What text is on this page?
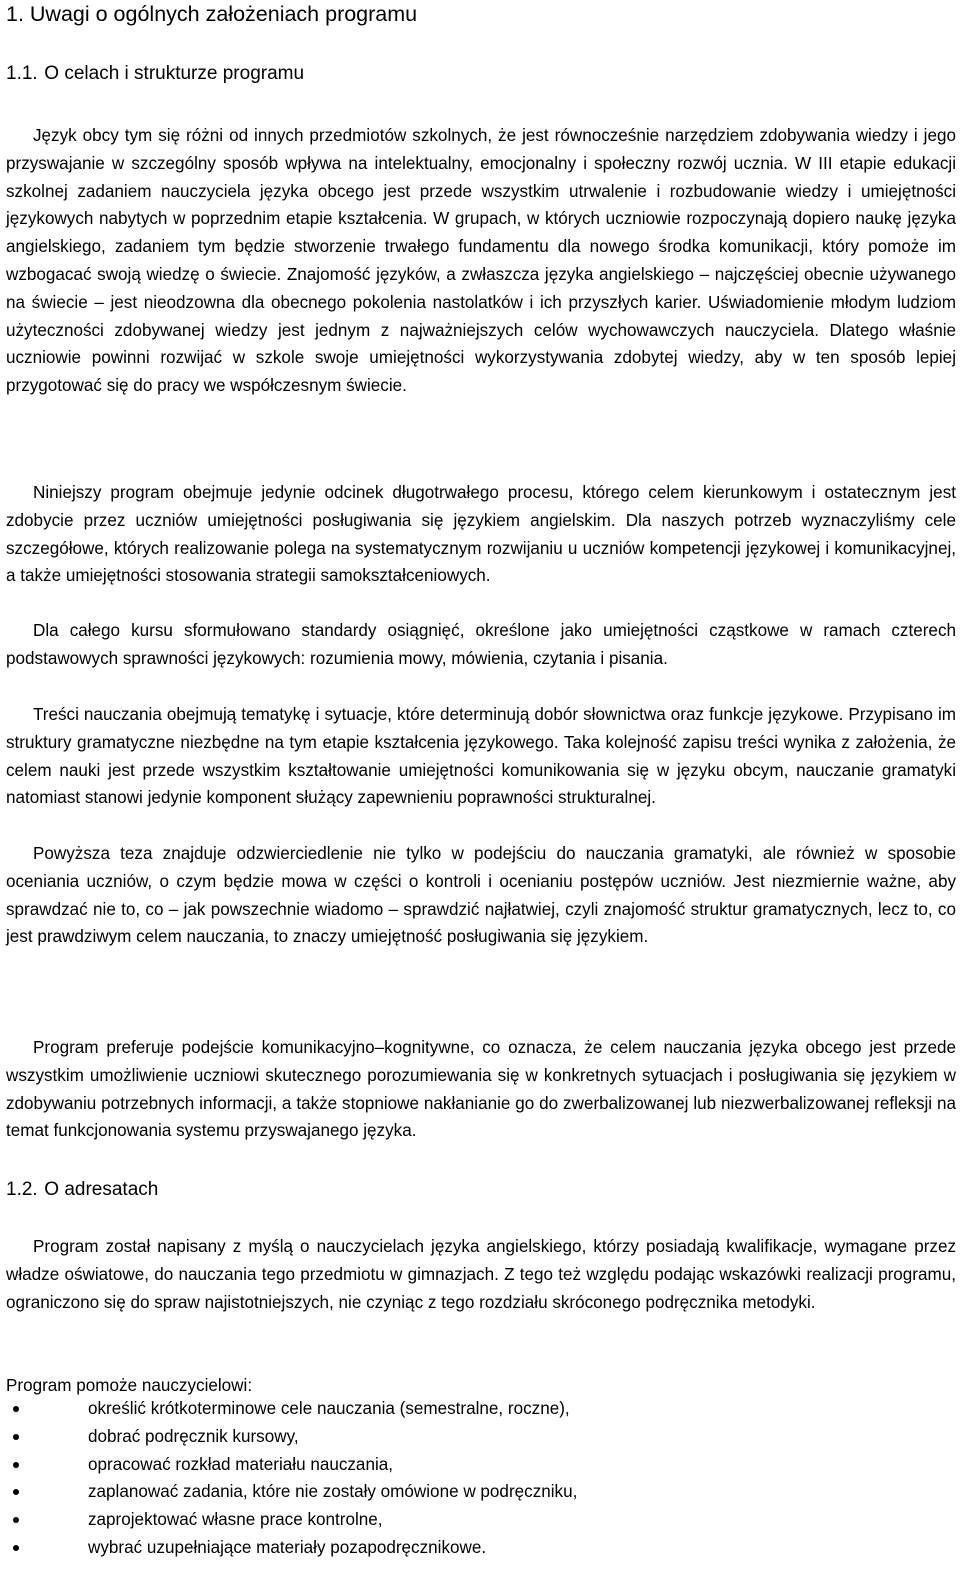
1. Uwagi o ogólnych założeniach programu
1.1. O celach i strukturze programu

Język obcy tym się różni od innych przedmiotów szkolnych, że jest równocześnie narzędziem zdobywania wiedzy i jego przyswajanie w szczególny sposób wpływa na intelektualny, emocjonalny i społeczny rozwój ucznia. W III etapie edukacji szkolnej zadaniem nauczyciela języka obcego jest przede wszystkim utrwalenie i rozbudowanie wiedzy i umiejętności językowych nabytych w poprzednim etapie kształcenia. W grupach, w których uczniowie rozpoczynają dopiero naukę języka angielskiego, zadaniem tym będzie stworzenie trwałego fundamentu dla nowego środka komunikacji, który pomoże im wzbogacać swoją wiedzę o świecie. Znajomość języków, a zwłaszcza języka angielskiego – najczęściej obecnie używanego na świecie – jest nieodzowna dla obecnego pokolenia nastolatków i ich przyszłych karier. Uświadomienie młodym ludziom użyteczności zdobywanej wiedzy jest jednym z najważniejszych celów wychowawczych nauczyciela. Dlatego właśnie uczniowie powinni rozwijać w szkole swoje umiejętności wykorzystywania zdobytej wiedzy, aby w ten sposób lepiej przygotować się do pracy we współczesnym świecie.

Niniejszy program obejmuje jedynie odcinek długotrwałego procesu, którego celem kierunkowym i ostatecznym jest zdobycie przez uczniów umiejętności posługiwania się językiem angielskim. Dla naszych potrzeb wyznaczyliśmy cele szczegółowe, których realizowanie polega na systematycznym rozwijaniu u uczniów kompetencji językowej i komunikacyjnej, a także umiejętności stosowania strategii samokształceniowych.

Dla całego kursu sformułowano standardy osiągnięć, określone jako umiejętności cząstkowe w ramach czterech podstawowych sprawności językowych: rozumienia mowy, mówienia, czytania i pisania.

Treści nauczania obejmują tematykę i sytuacje, które determinują dobór słownictwa oraz funkcje językowe. Przypisano im struktury gramatyczne niezbędne na tym etapie kształcenia językowego. Taka kolejność zapisu treści wynika z założenia, że celem nauki jest przede wszystkim kształtowanie umiejętności komunikowania się w języku obcym, nauczanie gramatyki natomiast stanowi jedynie komponent służący zapewnieniu poprawności strukturalnej.

Powyższa teza znajduje odzwierciedlenie nie tylko w podejściu do nauczania gramatyki, ale również w sposobie oceniania uczniów, o czym będzie mowa w części o kontroli i ocenianiu postępów uczniów. Jest niezmiernie ważne, aby sprawdzać nie to, co – jak powszechnie wiadomo – sprawdzić najłatwiej, czyli znajomość struktur gramatycznych, lecz to, co jest prawdziwym celem nauczania, to znaczy umiejętność posługiwania się językiem.

Program preferuje podejście komunikacyjno–kognitywne, co oznacza, że celem nauczania języka obcego jest przede wszystkim umożliwienie uczniowi skutecznego porozumiewania się w konkretnych sytuacjach i posługiwania się językiem w zdobywaniu potrzebnych informacji, a także stopniowe nakłanianie go do zwerbalizowanej lub niezwerbalizowanej refleksji na temat funkcjonowania systemu przyswajanego języka.

1.2. O adresatach

Program został napisany z myślą o nauczycielach języka angielskiego, którzy posiadają kwalifikacje, wymagane przez władze oświatowe, do nauczania tego przedmiotu w gimnazjach. Z tego też względu podając wskazówki realizacji programu, ograniczono się do spraw najistotniejszych, nie czyniąc z tego rozdziału skróconego podręcznika metodyki.

Program pomoże nauczycielowi:

określić krótkoterminowe cele nauczania (semestralne, roczne),
dobrać podręcznik kursowy,
opracować rozkład materiału nauczania,
zaplanować zadania, które nie zostały omówione w podręczniku,
zaprojektować własne prace kontrolne,
wybrać uzupełniające materiały pozapodręcznikowe.
